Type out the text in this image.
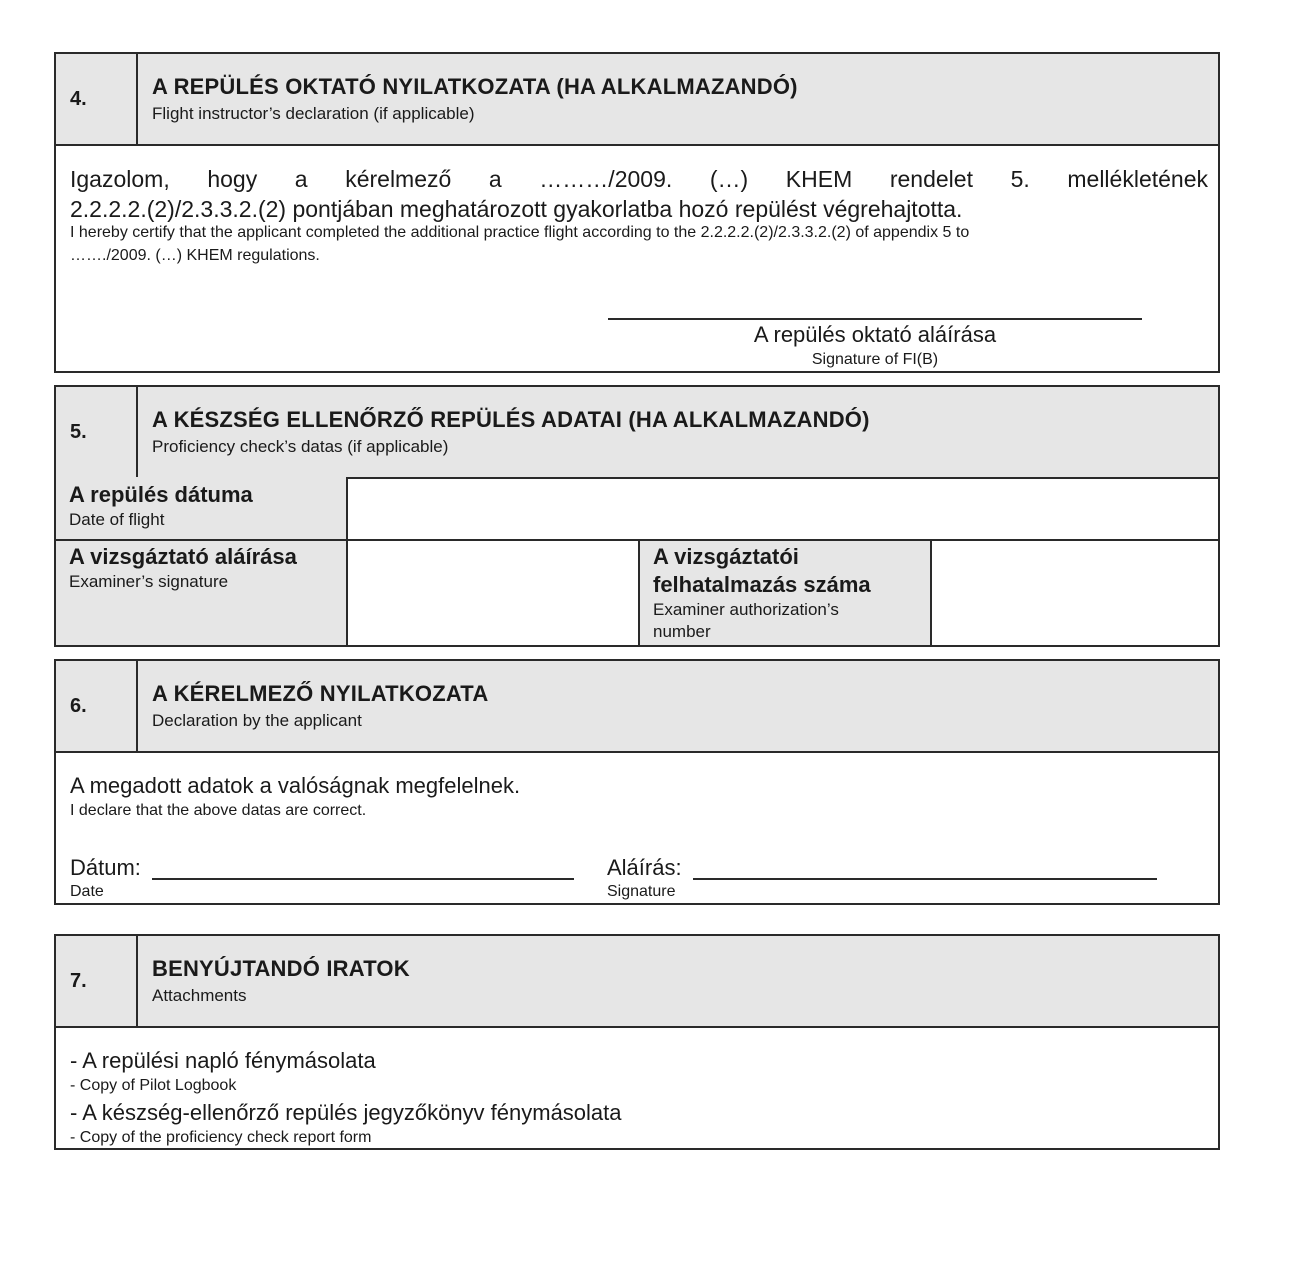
4.	A REPÜLÉS OKTATÓ NYILATKOZATA (HA ALKALMAZANDÓ)
Flight instructor’s declaration (if applicable)
Igazolom, hogy a kérelmező a ………/2009. (…) KHEM rendelet 5. mellékletének
2.2.2.2.(2)/2.3.3.2.(2) pontjában meghatározott gyakorlatba hozó repülést végrehajtotta.
I hereby certify that the applicant completed the additional practice flight according to the 2.2.2.2.(2)/2.3.3.2.(2) of appendix 5 to
……./2009. (…) KHEM regulations.
A repülés oktató aláírása
Signature of FI(B)
5.	A KÉSZSÉG ELLENŐRZŐ REPÜLÉS ADATAI (HA ALKALMAZANDÓ)
Proficiency check’s datas (if applicable)
A repülés dátuma
Date of flight
A vizsgáztató aláírása
Examiner’s signature
A vizsgáztatói
felhatalmazás száma
Examiner authorization’s
number
6.	A KÉRELMEZŐ NYILATKOZATA
Declaration by the applicant
A megadott adatok a valóságnak megfelelnek.
I declare that the above datas are correct.
Dátum:
Date
Aláírás:
Signature
7.	BENYÚJTANDÓ IRATOK
Attachments
- A repülési napló fénymásolata
- Copy of Pilot Logbook
- A készség-ellenőrző repülés jegyzőkönyv fénymásolata
- Copy of the proficiency check report form
